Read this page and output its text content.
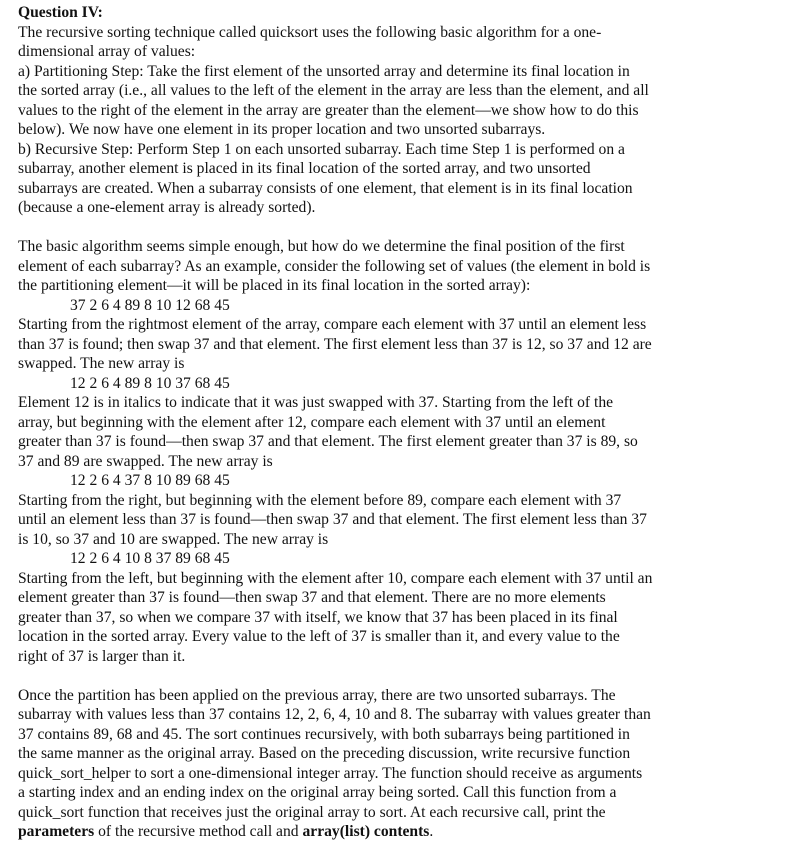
Question IV:
The recursive sorting technique called quicksort uses the following basic algorithm for a one-
dimensional array of values:
a) Partitioning Step: Take the first element of the unsorted array and determine its final location in
the sorted array (i.e., all values to the left of the element in the array are less than the element, and all
values to the right of the element in the array are greater than the element—we show how to do this
below). We now have one element in its proper location and two unsorted subarrays.
b) Recursive Step: Perform Step 1 on each unsorted subarray. Each time Step 1 is performed on a
subarray, another element is placed in its final location of the sorted array, and two unsorted
subarrays are created. When a subarray consists of one element, that element is in its final location
(because a one-element array is already sorted).
The basic algorithm seems simple enough, but how do we determine the final position of the first
element of each subarray? As an example, consider the following set of values (the element in bold is
the partitioning element—it will be placed in its final location in the sorted array):
37 2 6 4 89 8 10 12 68 45
Starting from the rightmost element of the array, compare each element with 37 until an element less
than 37 is found; then swap 37 and that element. The first element less than 37 is 12, so 37 and 12 are
swapped. The new array is
12 2 6 4 89 8 10 37 68 45
Element 12 is in italics to indicate that it was just swapped with 37. Starting from the left of the
array, but beginning with the element after 12, compare each element with 37 until an element
greater than 37 is found—then swap 37 and that element. The first element greater than 37 is 89, so
37 and 89 are swapped. The new array is
12 2 6 4 37 8 10 89 68 45
Starting from the right, but beginning with the element before 89, compare each element with 37
until an element less than 37 is found—then swap 37 and that element. The first element less than 37
is 10, so 37 and 10 are swapped. The new array is
12 2 6 4 10 8 37 89 68 45
Starting from the left, but beginning with the element after 10, compare each element with 37 until an
element greater than 37 is found—then swap 37 and that element. There are no more elements
greater than 37, so when we compare 37 with itself, we know that 37 has been placed in its final
location in the sorted array. Every value to the left of 37 is smaller than it, and every value to the
right of 37 is larger than it.
Once the partition has been applied on the previous array, there are two unsorted subarrays. The
subarray with values less than 37 contains 12, 2, 6, 4, 10 and 8. The subarray with values greater than
37 contains 89, 68 and 45. The sort continues recursively, with both subarrays being partitioned in
the same manner as the original array. Based on the preceding discussion, write recursive function
quick_sort_helper to sort a one-dimensional integer array. The function should receive as arguments
a starting index and an ending index on the original array being sorted. Call this function from a
quick_sort function that receives just the original array to sort. At each recursive call, print the
parameters of the recursive method call and array(list) contents.
